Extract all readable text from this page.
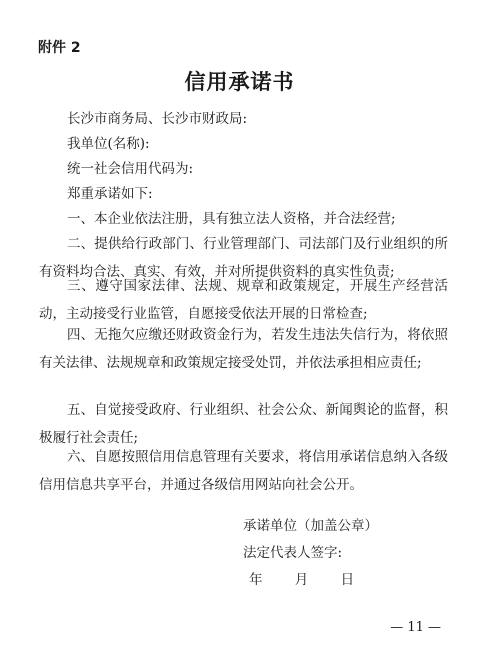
附件 2
信用承诺书
长沙市商务局、长沙市财政局:
我单位(名称):
统一社会信用代码为:
郑重承诺如下:
一、本企业依法注册，具有独立法人资格，并合法经营;
二、提供给行政部门、行业管理部门、司法部门及行业组织的所有资料均合法、真实、有效，并对所提供资料的真实性负责;
三、遵守国家法律、法规、规章和政策规定，开展生产经营活动，主动接受行业监管，自愿接受依法开展的日常检查;
四、无拖欠应缴还财政资金行为，若发生违法失信行为，将依照有关法律、法规规章和政策规定接受处罚，并依法承担相应责任;
五、自觉接受政府、行业组织、社会公众、新闻舆论的监督，积极履行社会责任;
六、自愿按照信用信息管理有关要求，将信用承诺信息纳入各级信用信息共享平台，并通过各级信用网站向社会公开。
承诺单位（加盖公章）
法定代表人签字:
年 月 日
— 11 —
